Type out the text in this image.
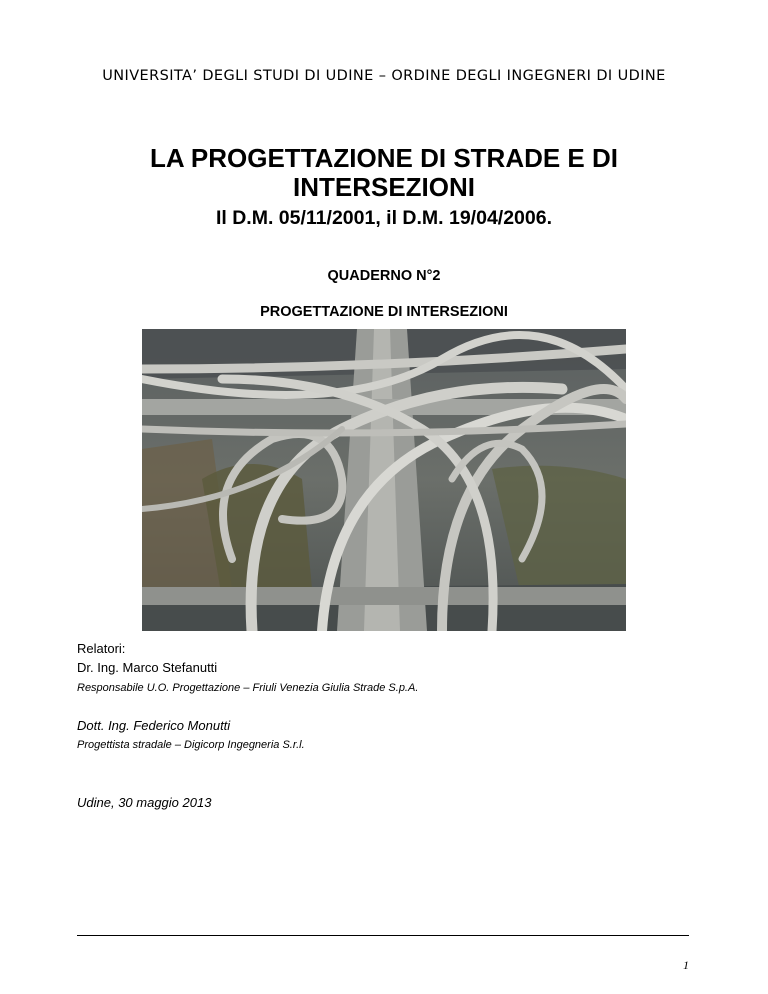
UNIVERSITA’ DEGLI STUDI DI UDINE – ORDINE DEGLI INGEGNERI DI UDINE
LA PROGETTAZIONE DI STRADE E DI
INTERSEZIONI
Il D.M. 05/11/2001, il D.M. 19/04/2006.
QUADERNO N°2
PROGETTAZIONE DI INTERSEZIONI
Relatori:
Dr. Ing. Marco Stefanutti
Responsabile U.O. Progettazione – Friuli Venezia Giulia Strade S.p.A.
Dott. Ing. Federico Monutti
Progettista stradale – Digicorp Ingegneria S.r.l.
Udine, 30 maggio 2013
1
